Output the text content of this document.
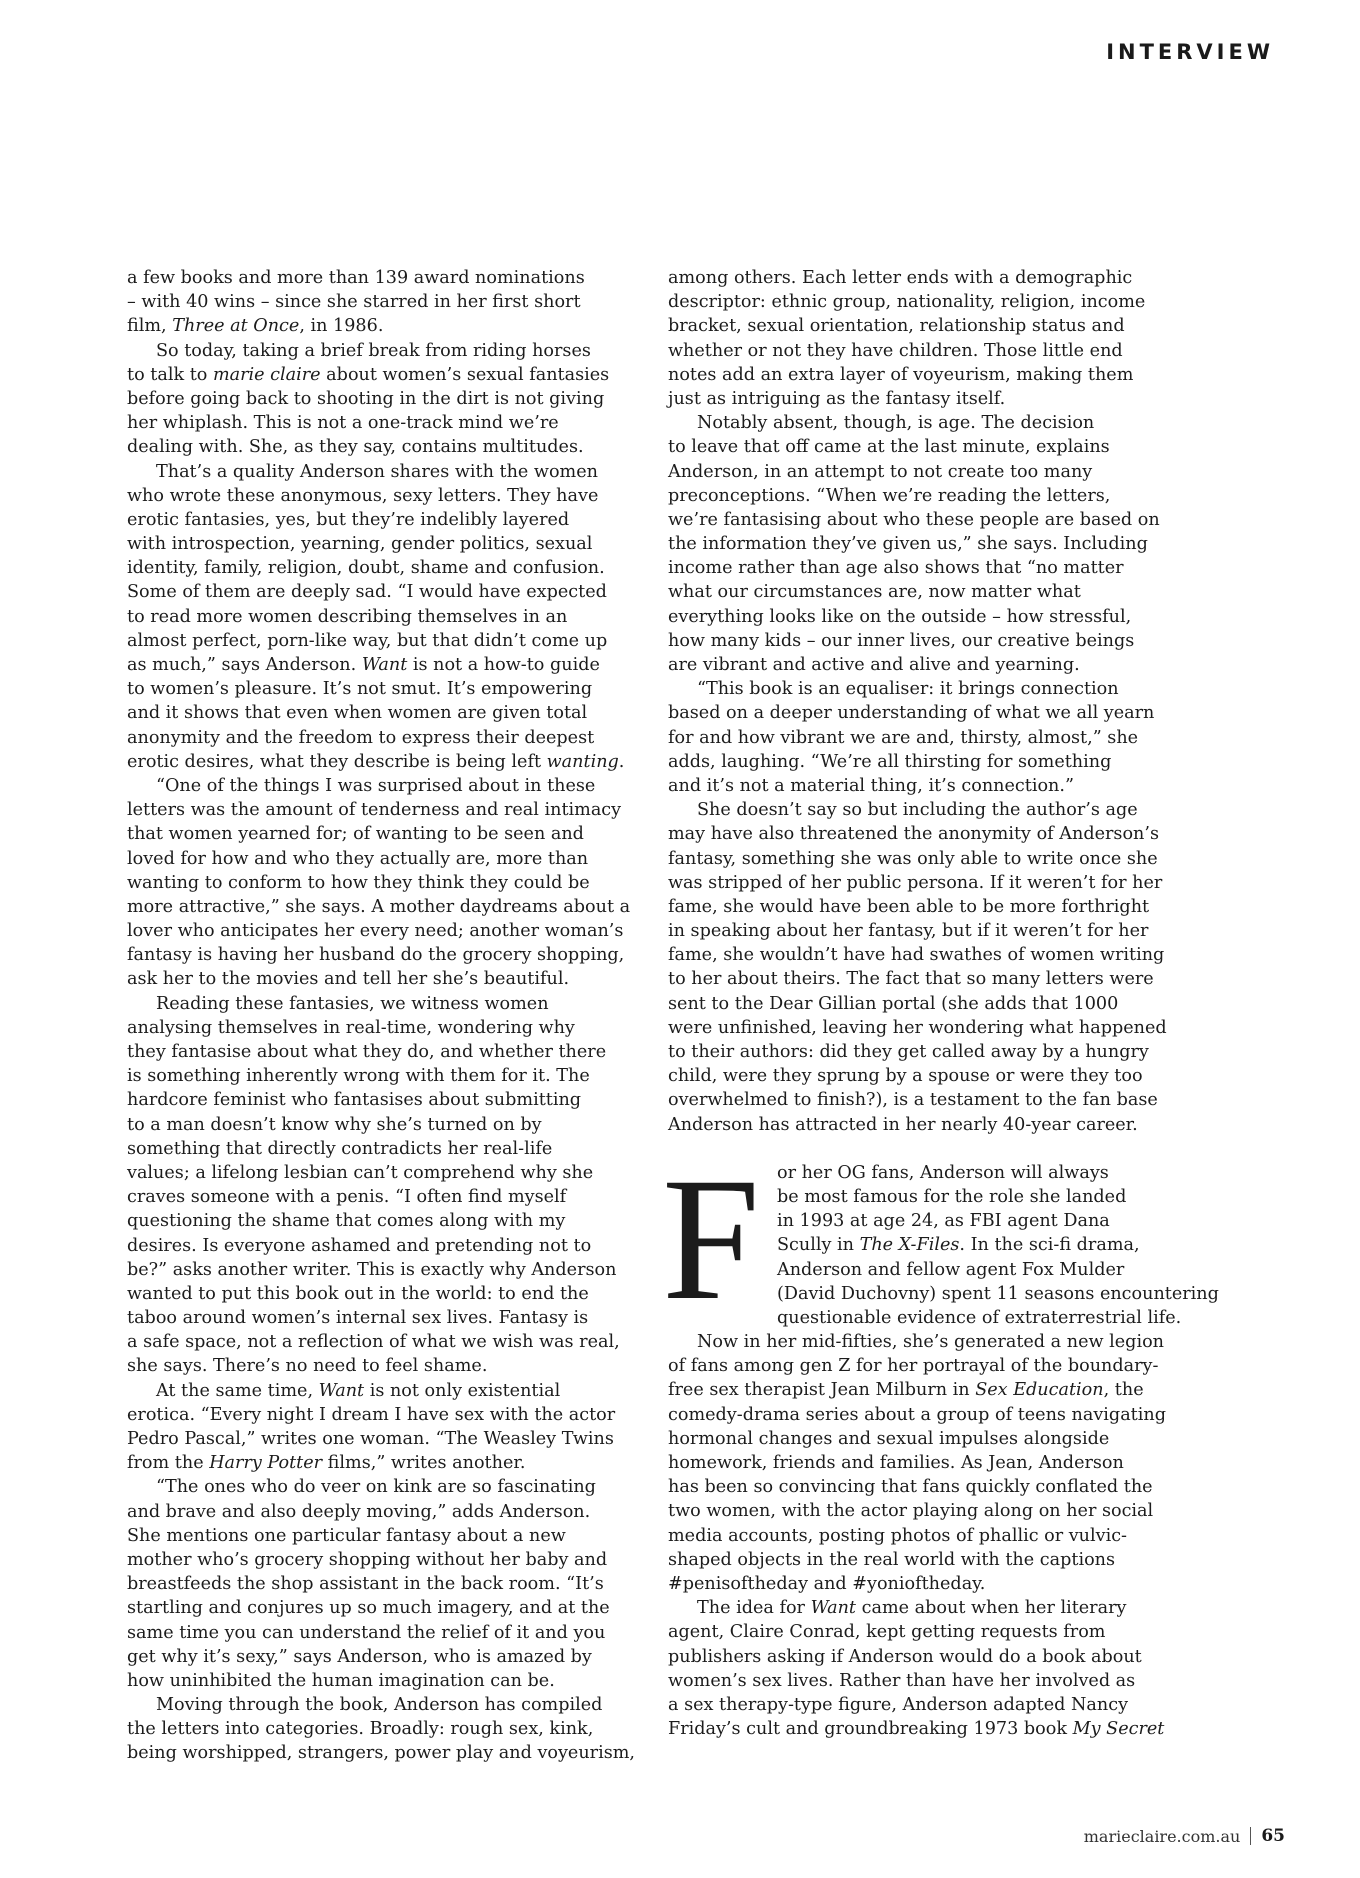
INTERVIEW
a few books and more than 139 award nominations
– with 40 wins – since she starred in her first short
film, Three at Once, in 1986.
So today, taking a brief break from riding horses
to talk to marie claire about women’s sexual fantasies
before going back to shooting in the dirt is not giving
her whiplash. This is not a one-track mind we’re
dealing with. She, as they say, contains multitudes.
That’s a quality Anderson shares with the women
who wrote these anonymous, sexy letters. They have
erotic fantasies, yes, but they’re indelibly layered
with introspection, yearning, gender politics, sexual
identity, family, religion, doubt, shame and confusion.
Some of them are deeply sad. “I would have expected
to read more women describing themselves in an
almost perfect, porn-like way, but that didn’t come up
as much,” says Anderson. Want is not a how-to guide
to women’s pleasure. It’s not smut. It’s empowering
and it shows that even when women are given total
anonymity and the freedom to express their deepest
erotic desires, what they describe is being left wanting.
“One of the things I was surprised about in these
letters was the amount of tenderness and real intimacy
that women yearned for; of wanting to be seen and
loved for how and who they actually are, more than
wanting to conform to how they think they could be
more attractive,” she says. A mother daydreams about a
lover who anticipates her every need; another woman’s
fantasy is having her husband do the grocery shopping,
ask her to the movies and tell her she’s beautiful.
Reading these fantasies, we witness women
analysing themselves in real-time, wondering why
they fantasise about what they do, and whether there
is something inherently wrong with them for it. The
hardcore feminist who fantasises about submitting
to a man doesn’t know why she’s turned on by
something that directly contradicts her real-life
values; a lifelong lesbian can’t comprehend why she
craves someone with a penis. “I often find myself
questioning the shame that comes along with my
desires. Is everyone ashamed and pretending not to
be?” asks another writer. This is exactly why Anderson
wanted to put this book out in the world: to end the
taboo around women’s internal sex lives. Fantasy is
a safe space, not a reflection of what we wish was real,
she says. There’s no need to feel shame.
At the same time, Want is not only existential
erotica. “Every night I dream I have sex with the actor
Pedro Pascal,” writes one woman. “The Weasley Twins
from the Harry Potter films,” writes another.
“The ones who do veer on kink are so fascinating
and brave and also deeply moving,” adds Anderson.
She mentions one particular fantasy about a new
mother who’s grocery shopping without her baby and
breastfeeds the shop assistant in the back room. “It’s
startling and conjures up so much imagery, and at the
same time you can understand the relief of it and you
get why it’s sexy,” says Anderson, who is amazed by
how uninhibited the human imagination can be.
Moving through the book, Anderson has compiled
the letters into categories. Broadly: rough sex, kink,
being worshipped, strangers, power play and voyeurism,
among others. Each letter ends with a demographic
descriptor: ethnic group, nationality, religion, income
bracket, sexual orientation, relationship status and
whether or not they have children. Those little end
notes add an extra layer of voyeurism, making them
just as intriguing as the fantasy itself.
Notably absent, though, is age. The decision
to leave that off came at the last minute, explains
Anderson, in an attempt to not create too many
preconceptions. “When we’re reading the letters,
we’re fantasising about who these people are based on
the information they’ve given us,” she says. Including
income rather than age also shows that “no matter
what our circumstances are, now matter what
everything looks like on the outside – how stressful,
how many kids – our inner lives, our creative beings
are vibrant and active and alive and yearning.
“This book is an equaliser: it brings connection
based on a deeper understanding of what we all yearn
for and how vibrant we are and, thirsty, almost,” she
adds, laughing. “We’re all thirsting for something
and it’s not a material thing, it’s connection.”
She doesn’t say so but including the author’s age
may have also threatened the anonymity of Anderson’s
fantasy, something she was only able to write once she
was stripped of her public persona. If it weren’t for her
fame, she would have been able to be more forthright
in speaking about her fantasy, but if it weren’t for her
fame, she wouldn’t have had swathes of women writing
to her about theirs. The fact that so many letters were
sent to the Dear Gillian portal (she adds that 1000
were unfinished, leaving her wondering what happened
to their authors: did they get called away by a hungry
child, were they sprung by a spouse or were they too
overwhelmed to finish?), is a testament to the fan base
Anderson has attracted in her nearly 40-year career.
F or her OG fans, Anderson will always
be most famous for the role she landed
in 1993 at age 24, as FBI agent Dana
Scully in The X-Files. In the sci-fi drama,
Anderson and fellow agent Fox Mulder
(David Duchovny) spent 11 seasons encountering
questionable evidence of extraterrestrial life.
Now in her mid-fifties, she’s generated a new legion
of fans among gen Z for her portrayal of the boundary-
free sex therapist Jean Milburn in Sex Education, the
comedy-drama series about a group of teens navigating
hormonal changes and sexual impulses alongside
homework, friends and families. As Jean, Anderson
has been so convincing that fans quickly conflated the
two women, with the actor playing along on her social
media accounts, posting photos of phallic or vulvic-
shaped objects in the real world with the captions
#penisoftheday and #yonioftheday.
The idea for Want came about when her literary
agent, Claire Conrad, kept getting requests from
publishers asking if Anderson would do a book about
women’s sex lives. Rather than have her involved as
a sex therapy-type figure, Anderson adapted Nancy
Friday’s cult and groundbreaking 1973 book My Secret
marieclaire.com.au 65
